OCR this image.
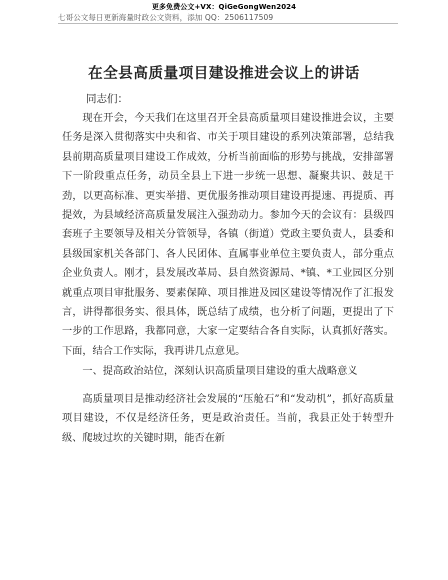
更多免费公文+VX：QiGeGongWen2024
七哥公文每日更新海量时政公文资料，添加 QQ：2506117509
在全县高质量项目建设推进会议上的讲话
同志们：

现在开会，今天我们在这里召开全县高质量项目建设推进会议，主要任务是深入贯彻落实中央和省、市关于项目建设的系列决策部署，总结我县前期高质量项目建设工作成效，分析当前面临的形势与挑战，安排部署下一阶段重点任务，动员全县上下进一步统一思想、凝聚共识、鼓足干劲，以更高标准、更实举措、更优服务推动项目建设再提速、再提质、再提效，为县域经济高质量发展注入强劲动力。参加今天的会议有：县级四套班子主要领导及相关分管领导，各镇（街道）党政主要负责人，县委和县级国家机关各部门、各人民团体、直属事业单位主要负责人，部分重点企业负责人。刚才，县发展改革局、县自然资源局、*镇、*工业园区分别就重点项目审批服务、要素保障、项目推进及园区建设等情况作了汇报发言，讲得都很务实、很具体，既总结了成绩，也分析了问题，更提出了下一步的工作思路，我都同意，大家一定要结合各自实际，认真抓好落实。下面，结合工作实际，我再讲几点意见。

一、提高政治站位，深刻认识高质量项目建设的重大战略意义

高质量项目是推动经济社会发展的“压舱石”和“发动机”，抓好高质量项目建设，不仅是经济任务，更是政治责任。当前，我县正处于转型升级、爬坡过坎的关键时期，能否在新
